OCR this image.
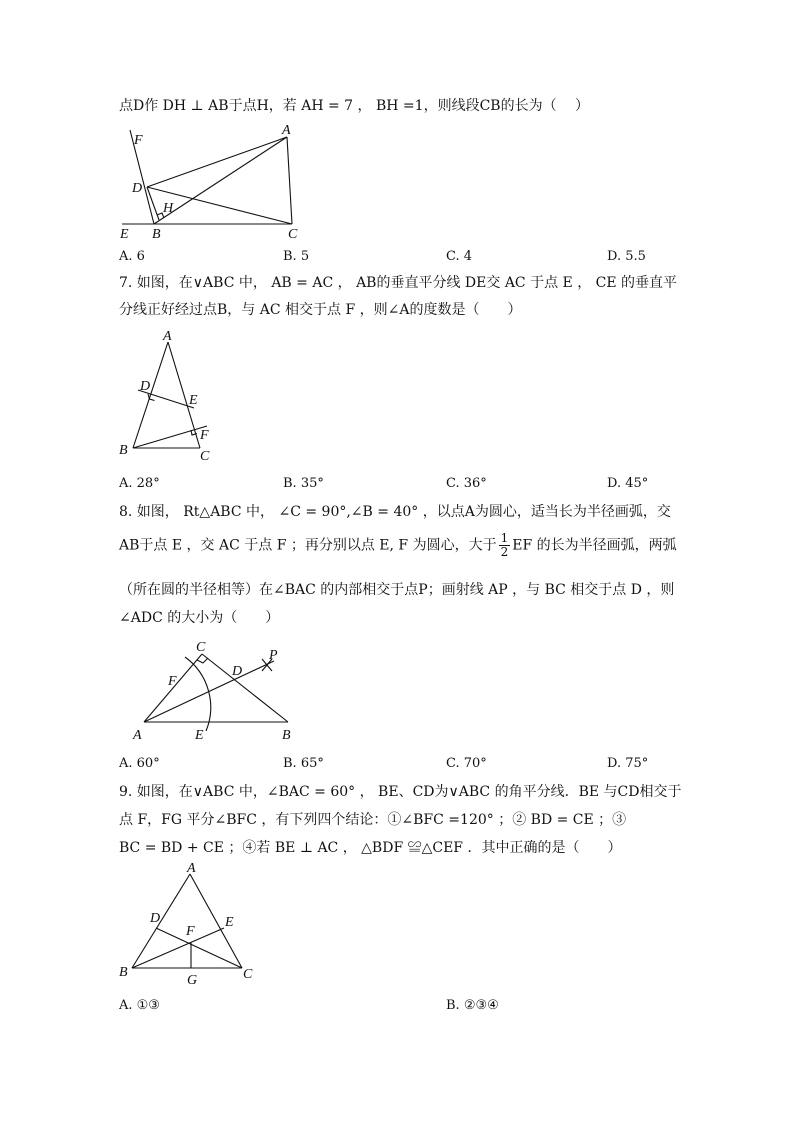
点D作 DH ⊥ AB于点H，若 AH = 7 ， BH =1，则线段CB的长为（　 ）
F
A
D
H
E B	C
A. 6	B. 5	C. 4	D. 5.5
7. 如图，在∨ABC 中， AB = AC ， AB的垂直平分线 DE交 AC 于点 E ， CE 的垂直平
分线正好经过点B，与 AC 相交于点 F ，则∠A的度数是（　　）
A
D
E
F
B	C
A. 28°	B. 35°	C. 36°	D. 45°
8. 如图， Rt△ABC 中， ∠C = 90°,∠B = 40° ，以点A为圆心，适当长为半径画弧，交
AB于点 E ，交 AC 于点 F ；再分别以点 E, F 为圆心，大于 $\frac{1}{2}$ EF 的长为半径画弧，两弧
（所在圆的半径相等）在∠BAC 的内部相交于点P；画射线 AP ，与 BC 相交于点 D ，则
∠ADC 的大小为（　　）
C
P
F
D
A	E	B
A. 60°	B. 65°	C. 70°	D. 75°
9. 如图，在∨ABC 中，∠BAC = 60° ， BE、CD为∨ABC 的角平分线．BE 与CD相交于
点 F，FG 平分∠BFC ，有下列四个结论：①∠BFC =120° ；② BD = CE ；③
BC = BD + CE ；④若 BE ⊥ AC ， △BDF ≌△CEF ．其中正确的是（　　）
A
D	E
F
B
G	C
A. ①③	B. ②③④
